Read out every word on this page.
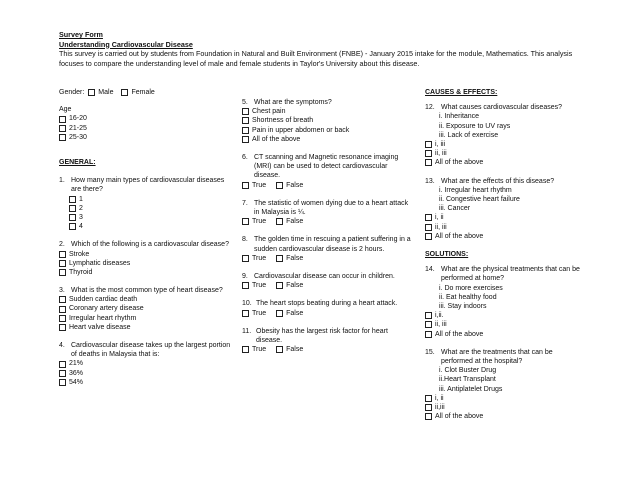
Survey Form
Understanding Cardiovascular Disease
This survey is carried out by students from Foundation in Natural and Built Environment (FNBE) - January 2015 intake for the module, Mathematics. This analysis focuses to compare the understanding level of male and female students in Taylor's University about this disease.
Gender: Male	Female
Age
16-20
21-25
25-30
GENERAL:
1. How many main types of cardiovascular diseases are there?
1
2
3
4
2. Which of the following is a cardiovascular disease?
Stroke
Lymphatic diseases
Thyroid
3. What is the most common type of heart disease?
Sudden cardiac death
Coronary artery disease
Irregular heart rhythm
Heart valve disease
4. Cardiovascular disease takes up the largest portion of deaths in Malaysia that is:
21%
36%
54%
5. What are the symptoms?
Chest pain
Shortness of breath
Pain in upper abdomen or back
All of the above
6. CT scanning and Magnetic resonance imaging (MRI) can be used to detect cardiovascular disease.
True	False
7. The statistic of women dying due to a heart attack in Malaysia is ¼.
True	False
8. The golden time in rescuing a patient suffering in a sudden cardiovascular disease is 2 hours.
True	False
9. Cardiovascular disease can occur in children.
True	False
10. The heart stops beating during a heart attack.
True	False
11. Obesity has the largest risk factor for heart disease.
True	False
CAUSES & EFFECTS:
12. What causes cardiovascular diseases?
i. Inheritance
ii. Exposure to UV rays
iii. Lack of exercise
i, iii
ii, iii
All of the above
13. What are the effects of this disease?
i. Irregular heart rhythm
ii. Congestive heart failure
iii. Cancer
i, ii
ii, iii
All of the above
SOLUTIONS:
14. What are the physical treatments that can be performed at home?
i. Do more exercises
ii. Eat healthy food
iii. Stay indoors
i,ii.
ii, iii
All of the above
15. What are the treatments that can be performed at the hospital?
i. Clot Buster Drug
ii.Heart Transplant
iii. Antiplatelet Drugs
i, ii
ii,iii
All of the above
